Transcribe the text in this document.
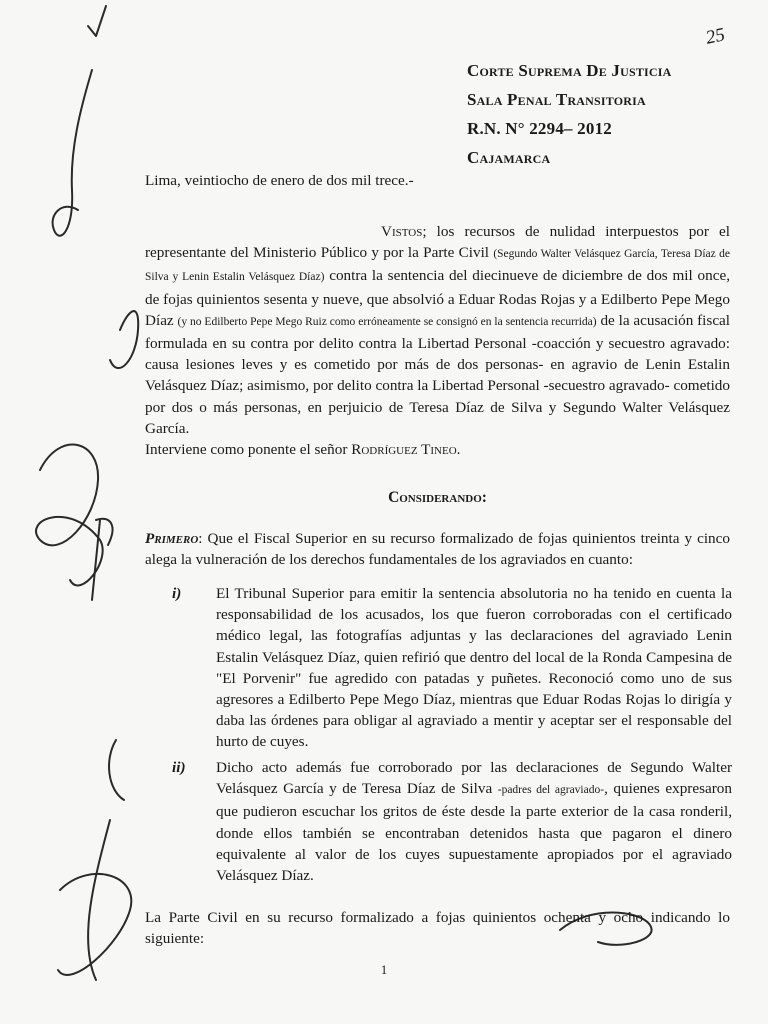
25
Corte Suprema De Justicia
Sala Penal Transitoria
R.N. N° 2294– 2012
Cajamarca
Lima, veintiocho de enero de dos mil trece.-
Vistos; los recursos de nulidad interpuestos por el representante del Ministerio Público y por la Parte Civil (Segundo Walter Velásquez García, Teresa Díaz de Silva y Lenin Estalin Velásquez Díaz) contra la sentencia del diecinueve de diciembre de dos mil once, de fojas quinientos sesenta y nueve, que absolvió a Eduar Rodas Rojas y a Edilberto Pepe Mego Díaz (y no Edilberto Pepe Mego Ruiz como erróneamente se consignó en la sentencia recurrida) de la acusación fiscal formulada en su contra por delito contra la Libertad Personal -coacción y secuestro agravado: causa lesiones leves y es cometido por más de dos personas- en agravio de Lenin Estalin Velásquez Díaz; asimismo, por delito contra la Libertad Personal -secuestro agravado- cometido por dos o más personas, en perjuicio de Teresa Díaz de Silva y Segundo Walter Velásquez García.
Interviene como ponente el señor Rodríguez Tineo.
Considerando:
Primero: Que el Fiscal Superior en su recurso formalizado de fojas quinientos treinta y cinco alega la vulneración de los derechos fundamentales de los agraviados en cuanto:
i) El Tribunal Superior para emitir la sentencia absolutoria no ha tenido en cuenta la responsabilidad de los acusados, los que fueron corroboradas con el certificado médico legal, las fotografías adjuntas y las declaraciones del agraviado Lenin Estalin Velásquez Díaz, quien refirió que dentro del local de la Ronda Campesina de "El Porvenir" fue agredido con patadas y puñetes. Reconoció como uno de sus agresores a Edilberto Pepe Mego Díaz, mientras que Eduar Rodas Rojas lo dirigía y daba las órdenes para obligar al agraviado a mentir y aceptar ser el responsable del hurto de cuyes.
ii) Dicho acto además fue corroborado por las declaraciones de Segundo Walter Velásquez García y de Teresa Díaz de Silva -padres del agraviado-, quienes expresaron que pudieron escuchar los gritos de éste desde la parte exterior de la casa ronderil, donde ellos también se encontraban detenidos hasta que pagaron el dinero equivalente al valor de los cuyes supuestamente apropiados por el agraviado Velásquez Díaz.
La Parte Civil en su recurso formalizado a fojas quinientos ochenta y ocho indicando lo siguiente:
1
